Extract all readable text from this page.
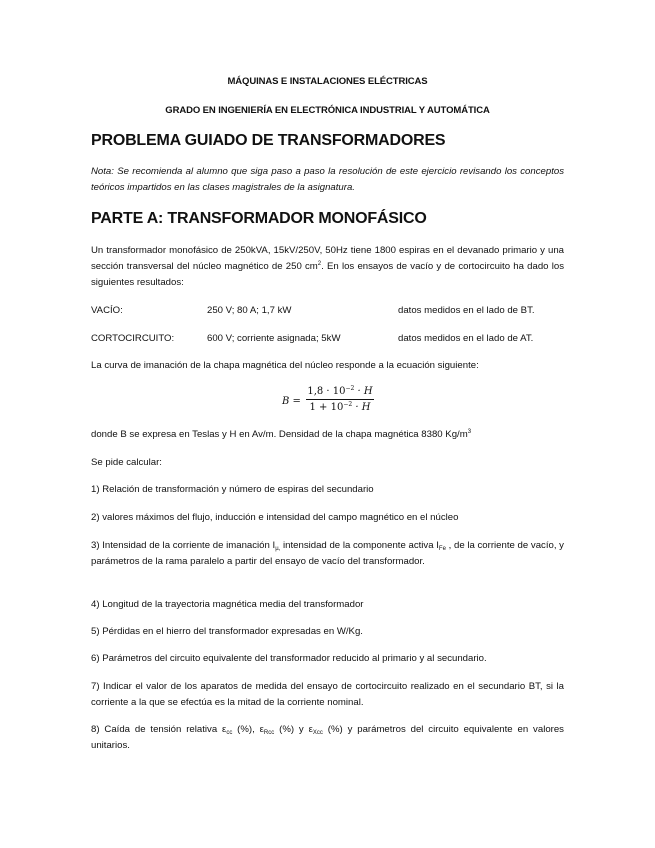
MÁQUINAS E INSTALACIONES ELÉCTRICAS
GRADO EN INGENIERÍA EN ELECTRÓNICA INDUSTRIAL Y AUTOMÁTICA
PROBLEMA GUIADO DE TRANSFORMADORES
Nota: Se recomienda al alumno que siga paso a paso la resolución de este ejercicio revisando los conceptos teóricos impartidos en las clases magistrales de la asignatura.
PARTE A: TRANSFORMADOR MONOFÁSICO
Un transformador monofásico de 250kVA, 15kV/250V, 50Hz tiene 1800 espiras en el devanado primario y una sección transversal del núcleo magnético de 250 $cm^2$. En los ensayos de vacío y de cortocircuito ha dado los siguientes resultados:
VACÍO:	250 V; 80 A; 1,7 kW	datos medidos en el lado de BT.
CORTOCIRCUITO:	600 V; corriente asignada; 5kW	datos medidos en el lado de AT.
La curva de imanación de la chapa magnética del núcleo responde a la ecuación siguiente:
B =
$1,8 \cdot 10^{-2} \cdot H$
$1 + 10^{-2} \cdot H$
donde B se expresa en Teslas y H en Av/m. Densidad de la chapa magnética 8380 $Kg/m^3$
Se pide calcular:
1) Relación de transformación y número de espiras del secundario
2) valores máximos del flujo, inducción e intensidad del campo magnético en el núcleo
3) Intensidad de la corriente de imanación $I_{\mu,}$ intensidad de la componente activa $I_{Fe}$ , de la corriente de vacío, y parámetros de la rama paralelo a partir del ensayo de vacío del transformador.
4) Longitud de la trayectoria magnética media del transformador
5) Pérdidas en el hierro del transformador expresadas en W/Kg.
6) Parámetros del circuito equivalente del transformador reducido al primario y al secundario.
7) Indicar el valor de los aparatos de medida del ensayo de cortocircuito realizado en el secundario BT, si la corriente a la que se efectúa es la mitad de la corriente nominal.
8) Caída de tensión relativa $\varepsilon_{cc}$ (%), $\varepsilon_{Rcc}$ (%) y $\varepsilon_{Xcc}$ (%) y parámetros del circuito equivalente en valores unitarios.
